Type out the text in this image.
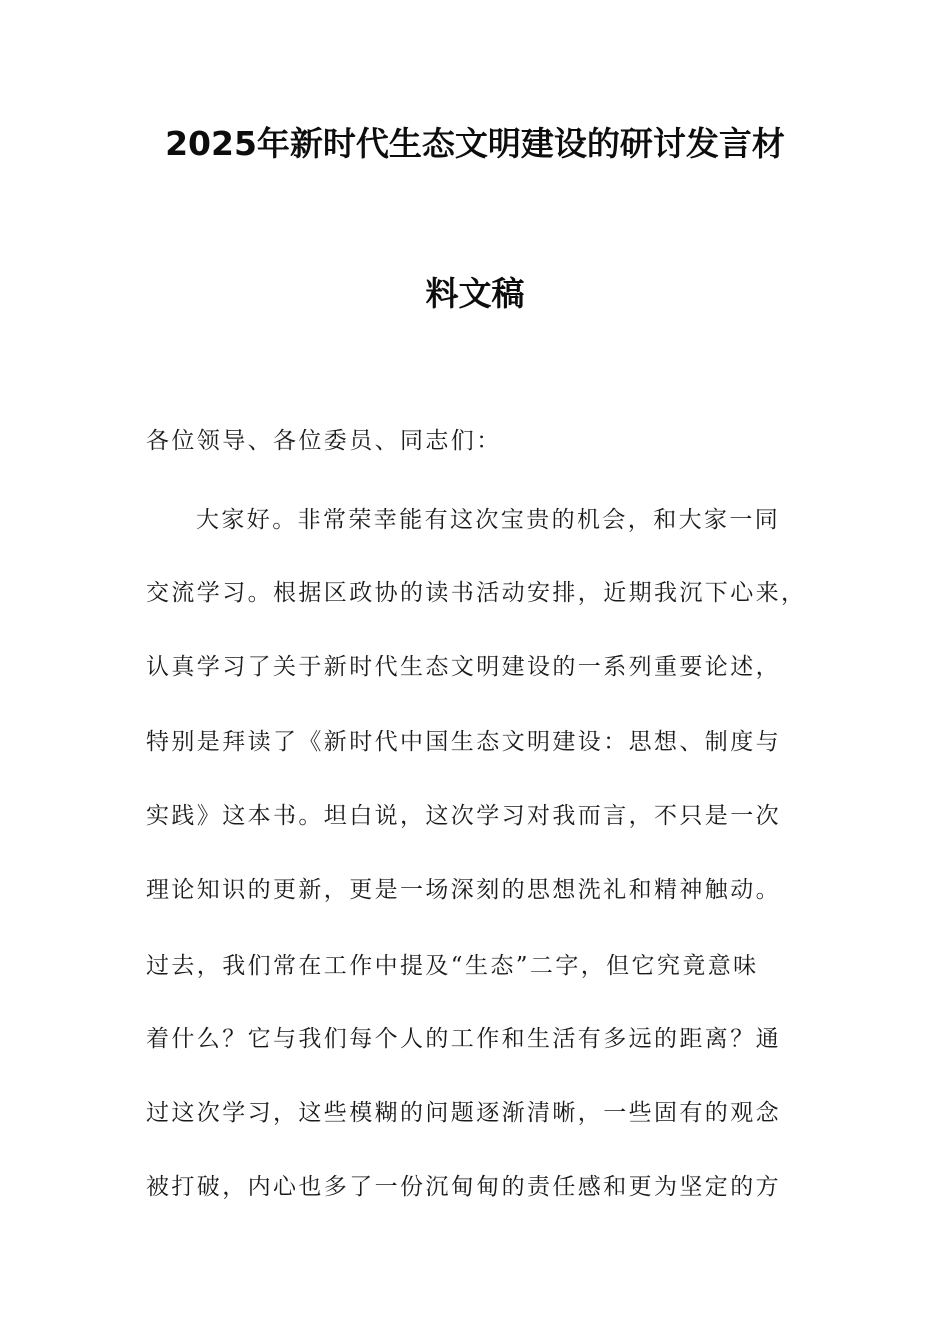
2025年新时代生态文明建设的研讨发言材
料文稿
各位领导、各位委员、同志们：
大家好。非常荣幸能有这次宝贵的机会，和大家一同
交流学习。根据区政协的读书活动安排，近期我沉下心来，
认真学习了关于新时代生态文明建设的一系列重要论述，
特别是拜读了《新时代中国生态文明建设：思想、制度与
实践》这本书。坦白说，这次学习对我而言，不只是一次
理论知识的更新，更是一场深刻的思想洗礼和精神触动。
过去，我们常在工作中提及“生态”二字，但它究竟意味
着什么？它与我们每个人的工作和生活有多远的距离？通
过这次学习，这些模糊的问题逐渐清晰，一些固有的观念
被打破，内心也多了一份沉甸甸的责任感和更为坚定的方
